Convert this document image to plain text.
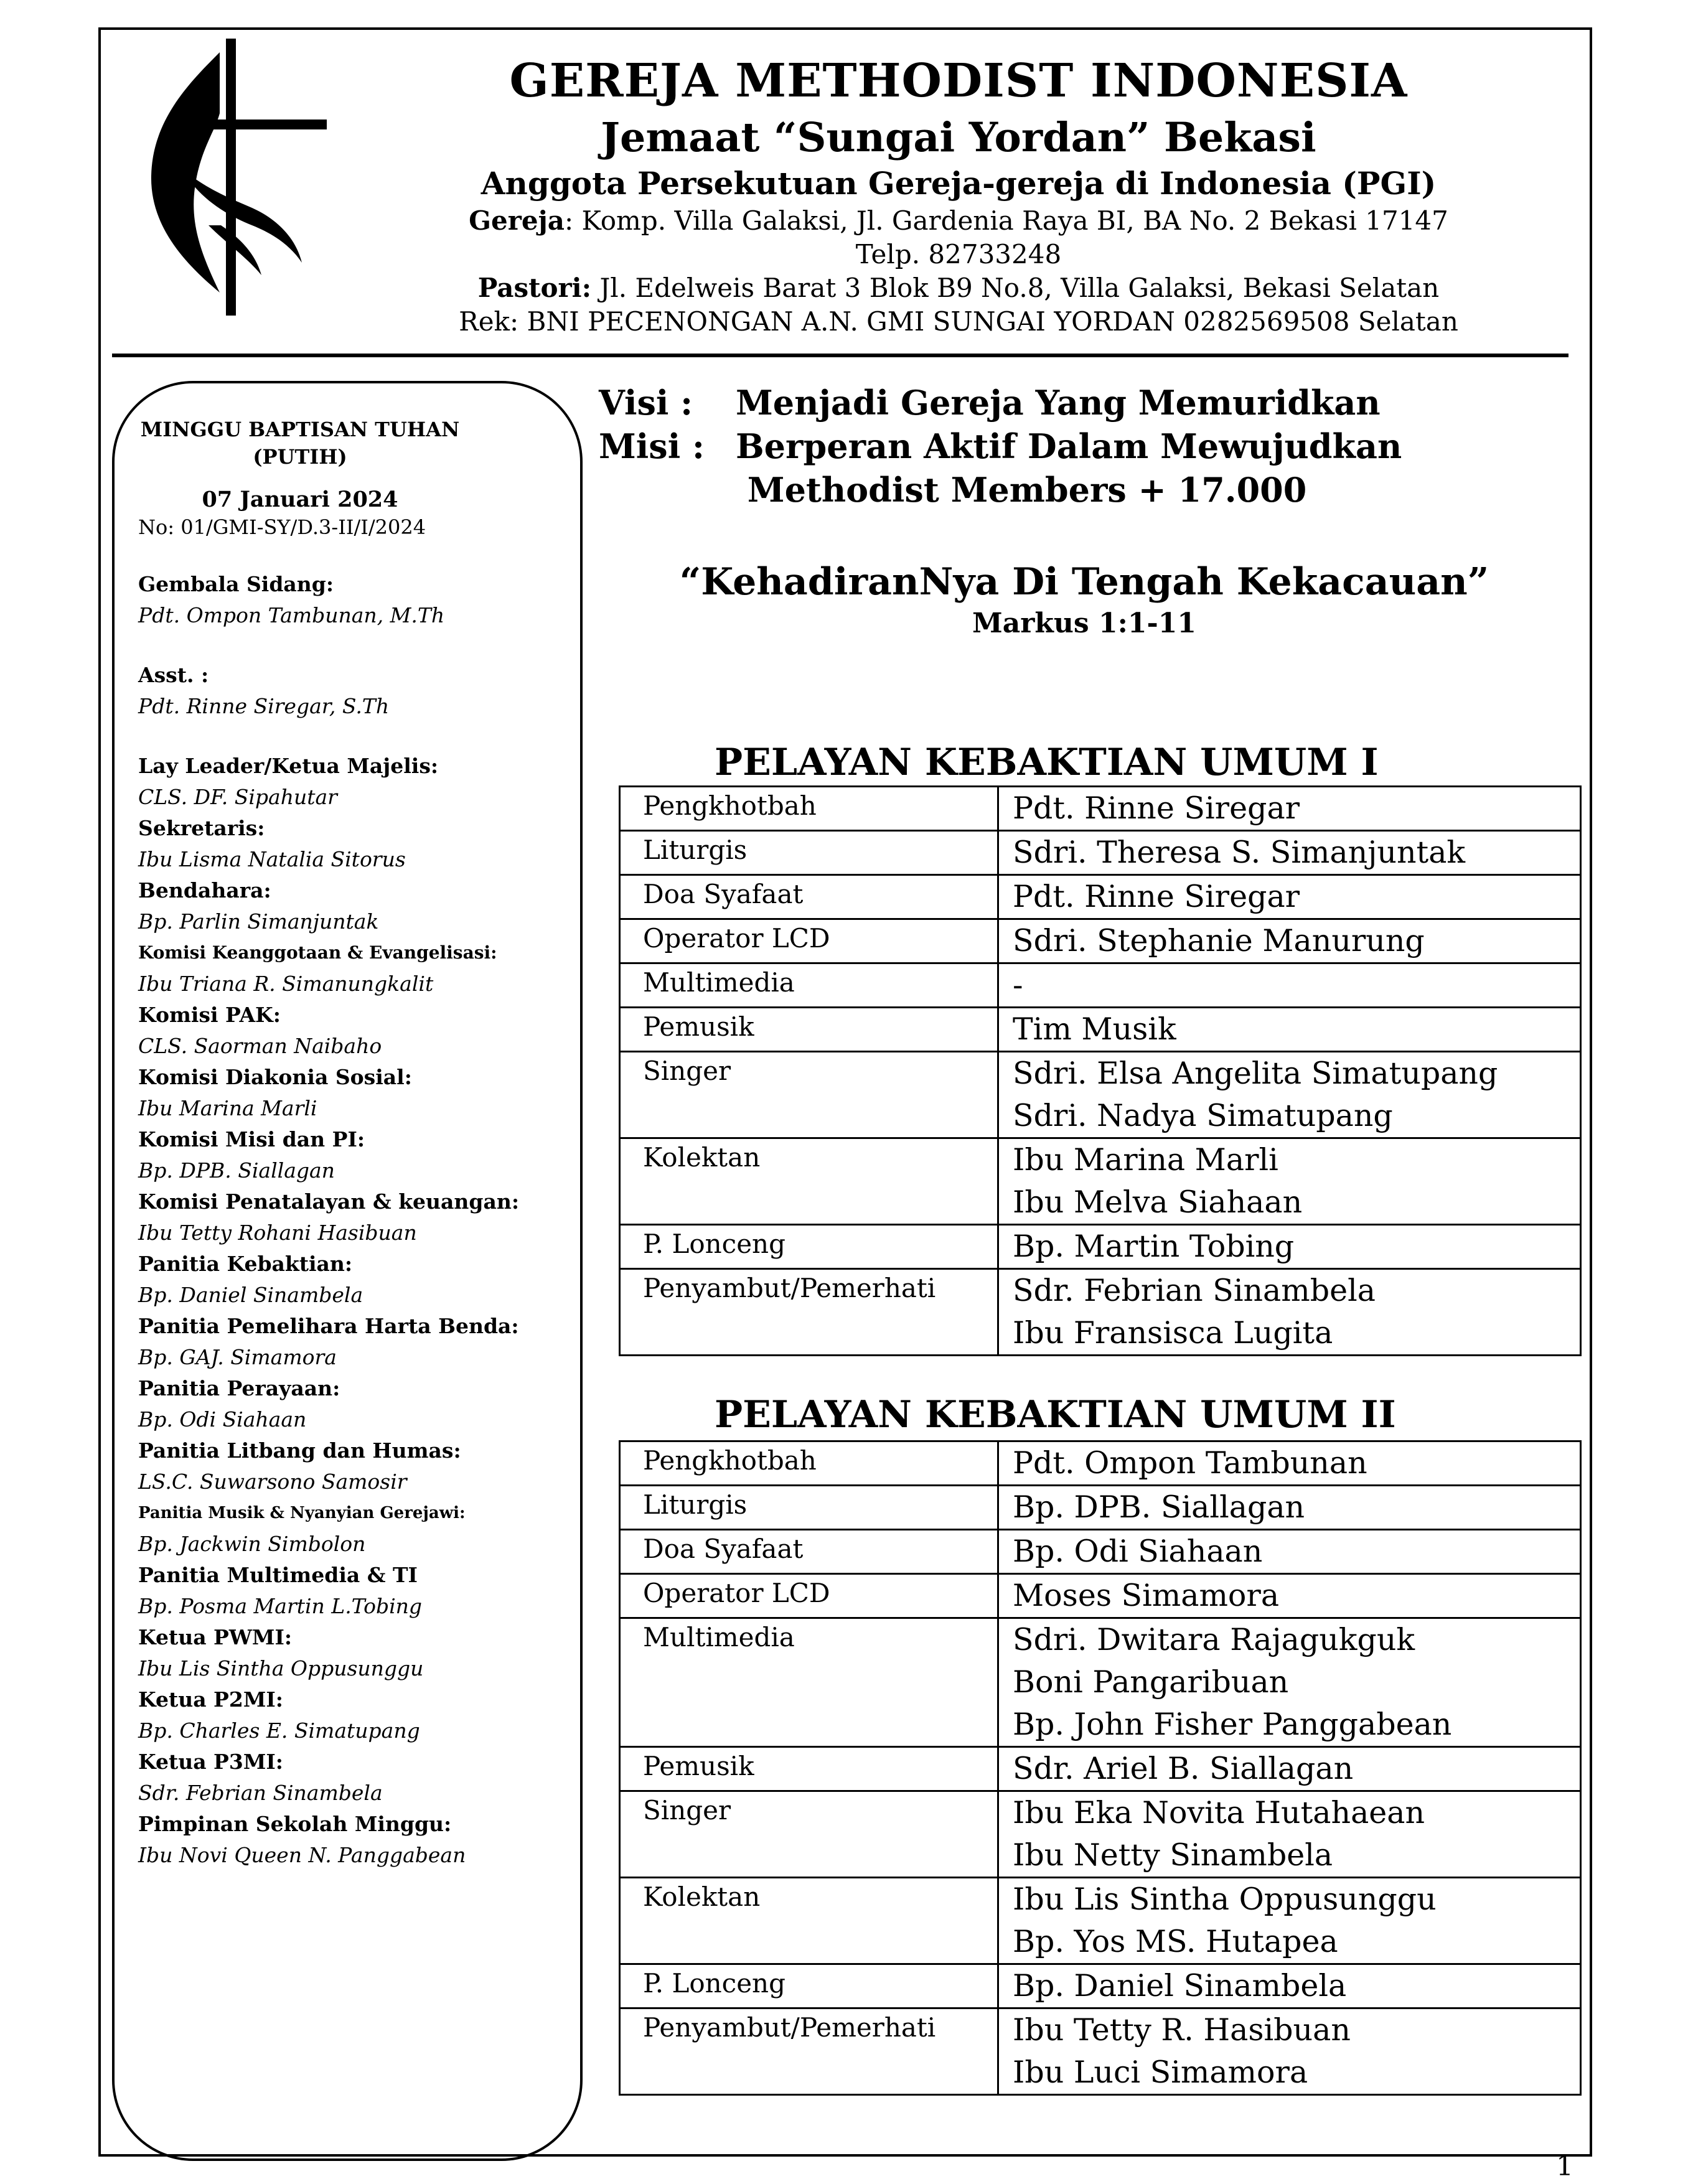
GEREJA METHODIST INDONESIA
Jemaat “Sungai Yordan” Bekasi
Anggota Persekutuan Gereja-gereja di Indonesia (PGI)
Gereja: Komp. Villa Galaksi, Jl. Gardenia Raya BI, BA No. 2 Bekasi 17147
Telp. 82733248
Pastori: Jl. Edelweis Barat 3 Blok B9 No.8, Villa Galaksi, Bekasi Selatan
Rek: BNI PECENONGAN A.N. GMI SUNGAI YORDAN 0282569508 Selatan
MINGGU BAPTISAN TUHAN
(PUTIH)
07 Januari 2024
No: 01/GMI-SY/D.3-II/I/2024
Gembala Sidang:
Pdt. Ompon Tambunan, M.Th
Asst. :
Pdt. Rinne Siregar, S.Th
Lay Leader/Ketua Majelis:
CLS. DF. Sipahutar
Sekretaris:
Ibu Lisma Natalia Sitorus
Bendahara:
Bp. Parlin Simanjuntak
Komisi Keanggotaan & Evangelisasi:
Ibu Triana R. Simanungkalit
Komisi PAK:
CLS. Saorman Naibaho
Komisi Diakonia Sosial:
Ibu Marina Marli
Komisi Misi dan PI:
Bp. DPB. Siallagan
Komisi Penatalayan & keuangan:
Ibu Tetty Rohani Hasibuan
Panitia Kebaktian:
Bp. Daniel Sinambela
Panitia Pemelihara Harta Benda:
Bp. GAJ. Simamora
Panitia Perayaan:
Bp. Odi Siahaan
Panitia Litbang dan Humas:
LS.C. Suwarsono Samosir
Panitia Musik & Nyanyian Gerejawi:
Bp. Jackwin Simbolon
Panitia Multimedia & TI
Bp. Posma Martin L.Tobing
Ketua PWMI:
Ibu Lis Sintha Oppusunggu
Ketua P2MI:
Bp. Charles E. Simatupang
Ketua P3MI:
Sdr. Febrian Sinambela
Pimpinan Sekolah Minggu:
Ibu Novi Queen N. Panggabean
Visi :	Menjadi Gereja Yang Memuridkan
Misi : Berperan Aktif Dalam Mewujudkan
Methodist Members + 17.000
“KehadiranNya Di Tengah Kekacauan”
Markus 1:1-11
PELAYAN KEBAKTIAN UMUM I
Pengkhotbah	Pdt. Rinne Siregar

Liturgis	Sdri. Theresa S. Simanjuntak

Doa Syafaat	Pdt. Rinne Siregar

Operator LCD	Sdri. Stephanie Manurung

Multimedia	-

Pemusik	Tim Musik

Singer	Sdri. Elsa Angelita Simatupang
Sdri. Nadya Simatupang

Kolektan	Ibu Marina Marli
Ibu Melva Siahaan

P. Lonceng	Bp. Martin Tobing

Penyambut/Pemerhati	Sdr. Febrian Sinambela
Ibu Fransisca Lugita
PELAYAN KEBAKTIAN UMUM II
Pengkhotbah	Pdt. Ompon Tambunan

Liturgis	Bp. DPB. Siallagan

Doa Syafaat	Bp. Odi Siahaan

Operator LCD	Moses Simamora

Multimedia	Sdri. Dwitara Rajagukguk
Boni Pangaribuan
Bp. John Fisher Panggabean

Pemusik	Sdr. Ariel B. Siallagan

Singer	Ibu Eka Novita Hutahaean
Ibu Netty Sinambela

Kolektan	Ibu Lis Sintha Oppusunggu
Bp. Yos MS. Hutapea

P. Lonceng	Bp. Daniel Sinambela

Penyambut/Pemerhati	Ibu Tetty R. Hasibuan
Ibu Luci Simamora
1
